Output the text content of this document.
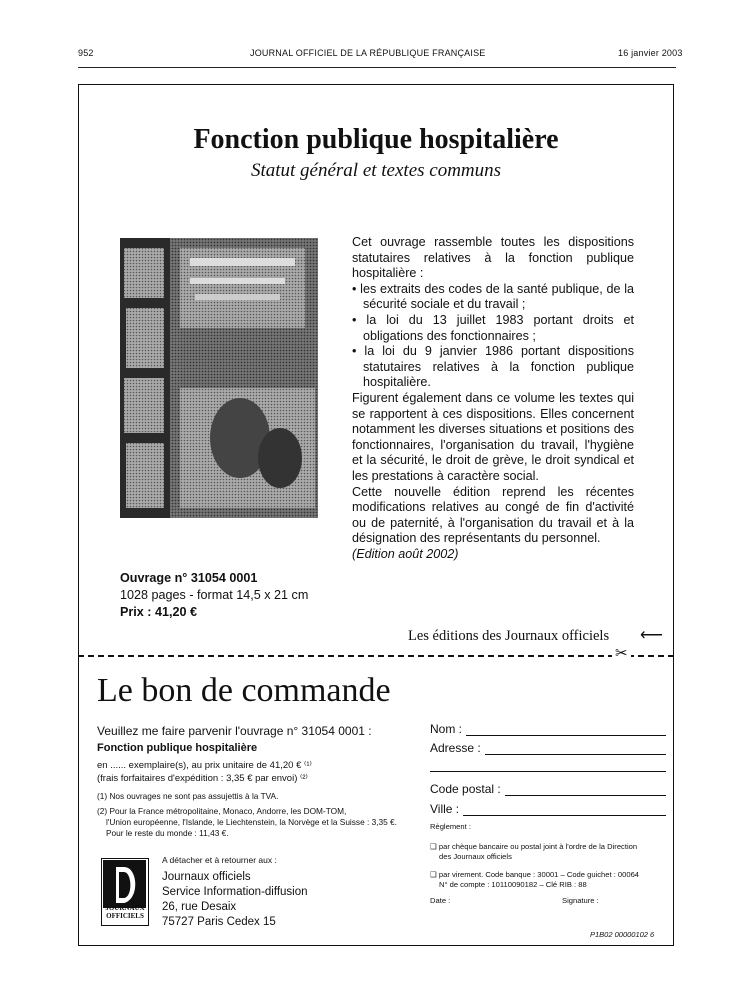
952	JOURNAL OFFICIEL DE LA RÉPUBLIQUE FRANÇAISE	16 janvier 2003
Fonction publique hospitalière
Statut général et textes communs

Cet ouvrage rassemble toutes les dispositions statutaires relatives à la fonction publique hospitalière :

• les extraits des codes de la santé publique, de la sécurité sociale et du travail ;
• la loi du 13 juillet 1983 portant droits et obligations des fonctionnaires ;
• la loi du 9 janvier 1986 portant dispositions statutaires relatives à la fonction publique hospitalière.

Figurent également dans ce volume les textes qui se rapportent à ces dispositions. Elles concernent notamment les diverses situations et positions des fonctionnaires, l'organisation du travail, l'hygiène et la sécurité, le droit de grève, le droit syndical et les prestations à caractère social.

Cette nouvelle édition reprend les récentes modifications relatives au congé de fin d'activité ou de paternité, à l'organisation du travail et à la désignation des représentants du personnel.

(Edition août 2002)

Ouvrage n° 31054 0001
1028 pages - format 14,5 x 21 cm
Prix : 41,20 €
Les éditions des Journaux officiels ⟵
✂
Le bon de commande
Veuillez me faire parvenir l'ouvrage n° 31054 0001 :
Fonction publique hospitalière
en ...... exemplaire(s), au prix unitaire de 41,20 € ⁽¹⁾
(frais forfaitaires d'expédition : 3,35 € par envoi) ⁽²⁾
(1) Nos ouvrages ne sont pas assujettis à la TVA.
(2) Pour la France métropolitaine, Monaco, Andorre, les DOM-TOM,
l'Union européenne, l'Islande, le Liechtenstein, la Norvège et la Suisse : 3,35 €.
Pour le reste du monde : 11,43 €.
JOURNAUX OFFICIELS
A détacher et à retourner aux :
Journaux officiels
Service Information-diffusion
26, rue Desaix
75727 Paris Cedex 15
Nom :
Adresse :
Code postal :
Ville :
Règlement :
❑ par chèque bancaire ou postal joint à l'ordre de la Direction
des Journaux officiels
❑ par virement. Code banque : 30001 – Code guichet : 00064
N° de compte : 10110090182 – Clé RIB : 88
Date :	Signature :
P1B02 00000102 6
